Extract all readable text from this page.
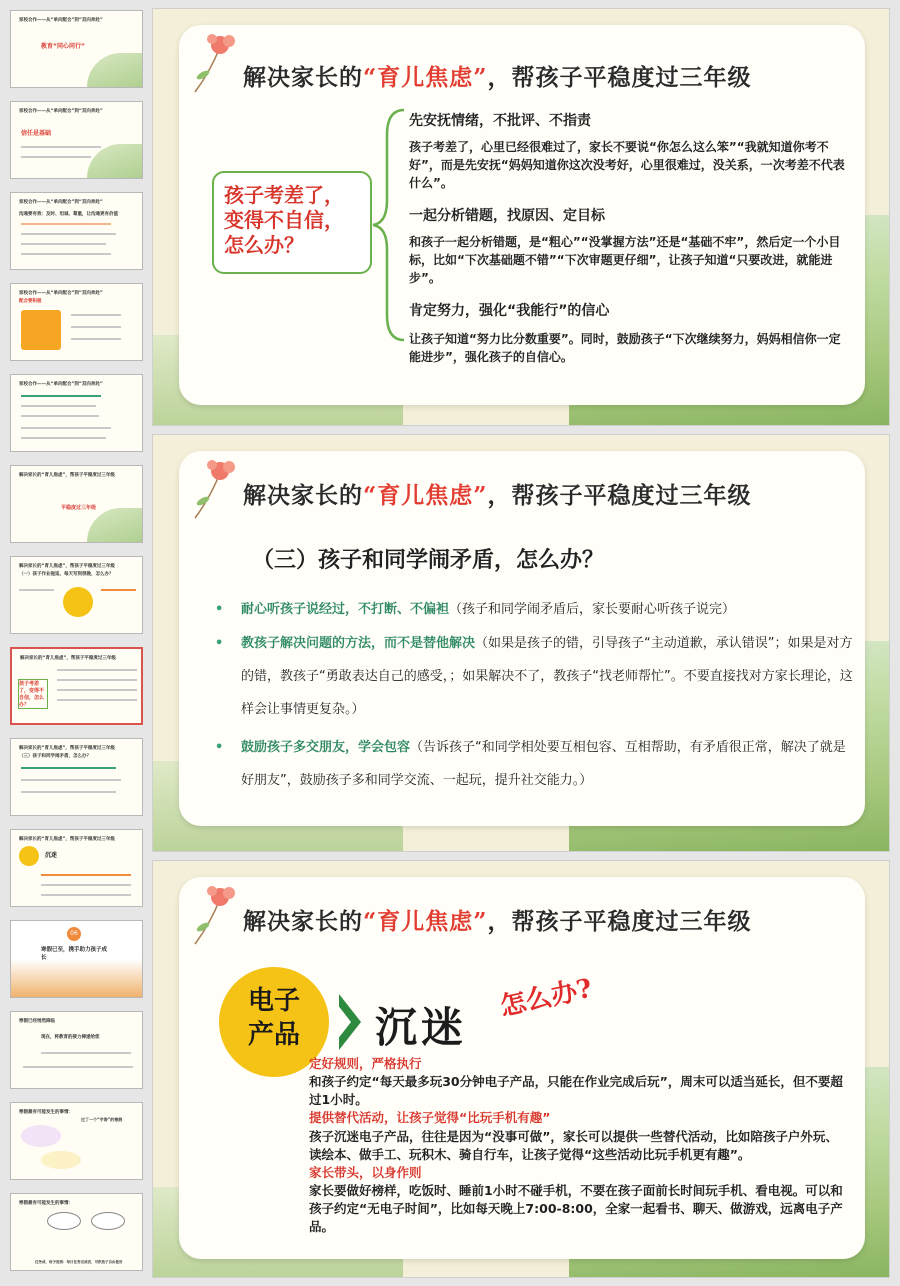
家校合作——从“单向配合”到“双向奔赴”
教育“同心同行”
家校合作——从“单向配合”到“双向奔赴”
信任是基础
家校合作——从“单向配合”到“双向奔赴”
沟通要有效：及时、坦诚、尊重，让沟通更有价值
家校合作——从“单向配合”到“双向奔赴”
配合要积极
家校合作——从“单向配合”到“双向奔赴”
解决家长的“育儿焦虑”，帮孩子平稳度过三年级
平稳度过三年级
解决家长的“育儿焦虑”，帮孩子平稳度过三年级
（一）孩子作业拖延，每天写到很晚，怎么办？
解决家长的“育儿焦虑”，帮孩子平稳度过三年级
孩子考差了，变得不自信，怎么办？
解决家长的“育儿焦虑”，帮孩子平稳度过三年级
（三）孩子和同学闹矛盾，怎么办？
解决家长的“育儿焦虑”，帮孩子平稳度过三年级
沉迷
06
寒假已至，携手助力孩子成长
寒假已经悄然降临
现在，将教育的接力棒递给您
寒假最有可能发生的事情：
过了一个“宇涛”的寒假
寒假最有可能发生的事情：
任务成、给予觉到：每日任务完成表，可供孩子自由使用
解决家长的“育儿焦虑”，帮孩子平稳度过三年级
孩子考差了，变得不自信，怎么办？
先安抚情绪，不批评、不指责
孩子考差了，心里已经很难过了，家长不要说“你怎么这么笨”“我就知道你考不好”，而是先安抚“妈妈知道你这次没考好，心里很难过，没关系，一次考差不代表什么”。
一起分析错题，找原因、定目标
和孩子一起分析错题，是“粗心”“没掌握方法”还是“基础不牢”，然后定一个小目标，比如“下次基础题不错”“下次审题更仔细”，让孩子知道“只要改进，就能进步”。
肯定努力，强化“我能行”的信心
让孩子知道“努力比分数重要”。同时，鼓励孩子“下次继续努力，妈妈相信你一定能进步”，强化孩子的自信心。
解决家长的“育儿焦虑”，帮孩子平稳度过三年级
（三）孩子和同学闹矛盾，怎么办？
•	耐心听孩子说经过，不打断、不偏袒（孩子和同学闹矛盾后，家长要耐心听孩子说完）
•	教孩子解决问题的方法，而不是替他解决（如果是孩子的错，引导孩子“主动道歉，承认错误”；如果是对方的错，教孩子“勇敢表达自己的感受，；如果解决不了，教孩子“找老师帮忙”。不要直接找对方家长理论，这样会让事情更复杂。）
•	鼓励孩子多交朋友，学会包容（告诉孩子“和同学相处要互相包容、互相帮助，有矛盾很正常，解决了就是好朋友”，鼓励孩子多和同学交流、一起玩，提升社交能力。）
解决家长的“育儿焦虑”，帮孩子平稳度过三年级
电子产品	沉迷
怎么办?
定好规则，严格执行
和孩子约定“每天最多玩30分钟电子产品，只能在作业完成后玩”，周末可以适当延长，但不要超过1小时。
提供替代活动，让孩子觉得“比玩手机有趣”
孩子沉迷电子产品，往往是因为“没事可做”，家长可以提供一些替代活动，比如陪孩子户外玩、读绘本、做手工、玩积木、骑自行车，让孩子觉得“这些活动比玩手机更有趣”。
家长带头，以身作则
家长要做好榜样，吃饭时、睡前1小时不碰手机，不要在孩子面前长时间玩手机、看电视。可以和孩子约定“无电子时间”，比如每天晚上7:00-8:00，全家一起看书、聊天、做游戏，远离电子产品。
